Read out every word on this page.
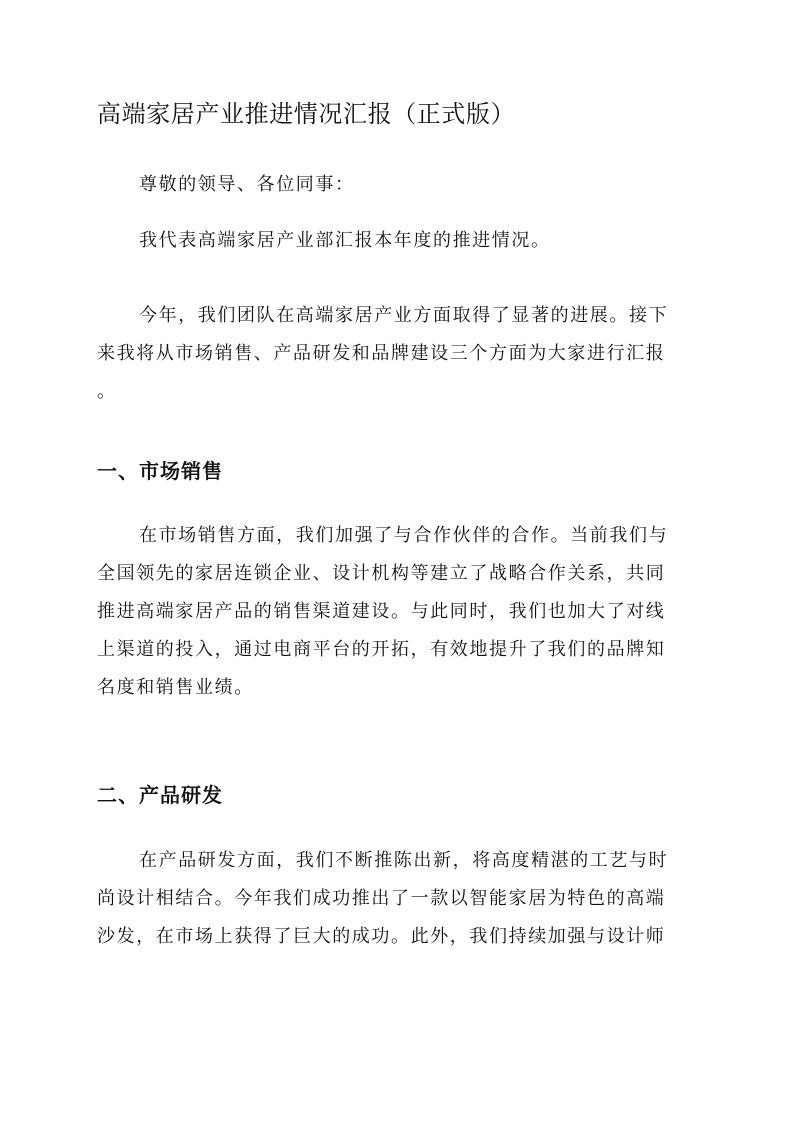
高端家居产业推进情况汇报（正式版）

尊敬的领导、各位同事：

我代表高端家居产业部汇报本年度的推进情况。

今年，我们团队在高端家居产业方面取得了显著的进展。接下
来我将从市场销售、产品研发和品牌建设三个方面为大家进行汇报
。
一、市场销售
在市场销售方面，我们加强了与合作伙伴的合作。当前我们与
全国领先的家居连锁企业、设计机构等建立了战略合作关系，共同
推进高端家居产品的销售渠道建设。与此同时，我们也加大了对线
上渠道的投入，通过电商平台的开拓，有效地提升了我们的品牌知
名度和销售业绩。
二、产品研发
在产品研发方面，我们不断推陈出新，将高度精湛的工艺与时
尚设计相结合。今年我们成功推出了一款以智能家居为特色的高端
沙发，在市场上获得了巨大的成功。此外，我们持续加强与设计师
